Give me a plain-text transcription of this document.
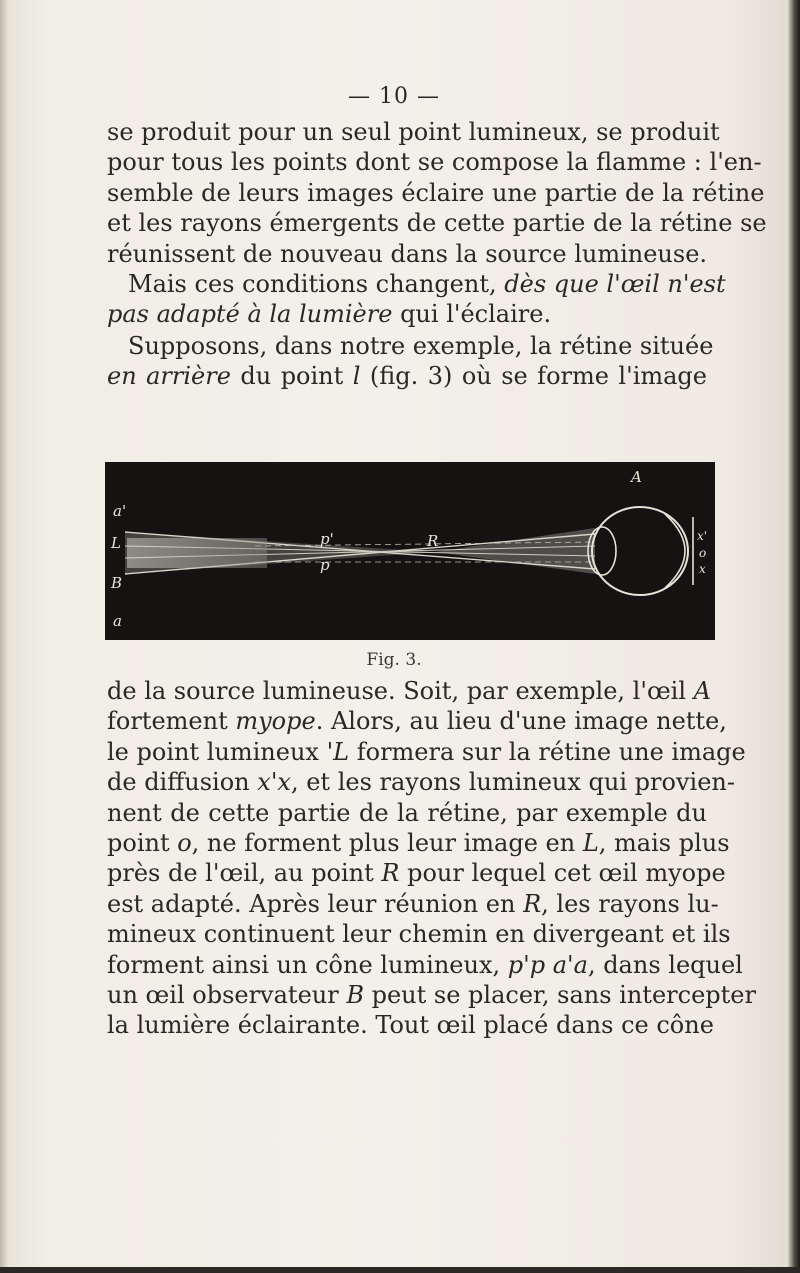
— 10 —
se produit pour un seul point lumineux, se produit
pour tous les points dont se compose la flamme : l'en-
semble de leurs images éclaire une partie de la rétine
et les rayons émergents de cette partie de la rétine se
réunissent de nouveau dans la source lumineuse.
Mais ces conditions changent, dès que l'œil n'est
pas adapté à la lumière qui l'éclaire.
Supposons, dans notre exemple, la rétine située
en arrière du point l (fig. 3) où se forme l'image
a'
L
B
a
p'	R
p
A
x'
o
x
Fig. 3.
de la source lumineuse. Soit, par exemple, l'œil A
fortement myope. Alors, au lieu d'une image nette,
le point lumineux 'L formera sur la rétine une image
de diffusion x'x, et les rayons lumineux qui provien-
nent de cette partie de la rétine, par exemple du
point o, ne forment plus leur image en L, mais plus
près de l'œil, au point R pour lequel cet œil myope
est adapté. Après leur réunion en R, les rayons lu-
mineux continuent leur chemin en divergeant et ils
forment ainsi un cône lumineux, p'p a'a, dans lequel
un œil observateur B peut se placer, sans intercepter
la lumière éclairante. Tout œil placé dans ce cône
